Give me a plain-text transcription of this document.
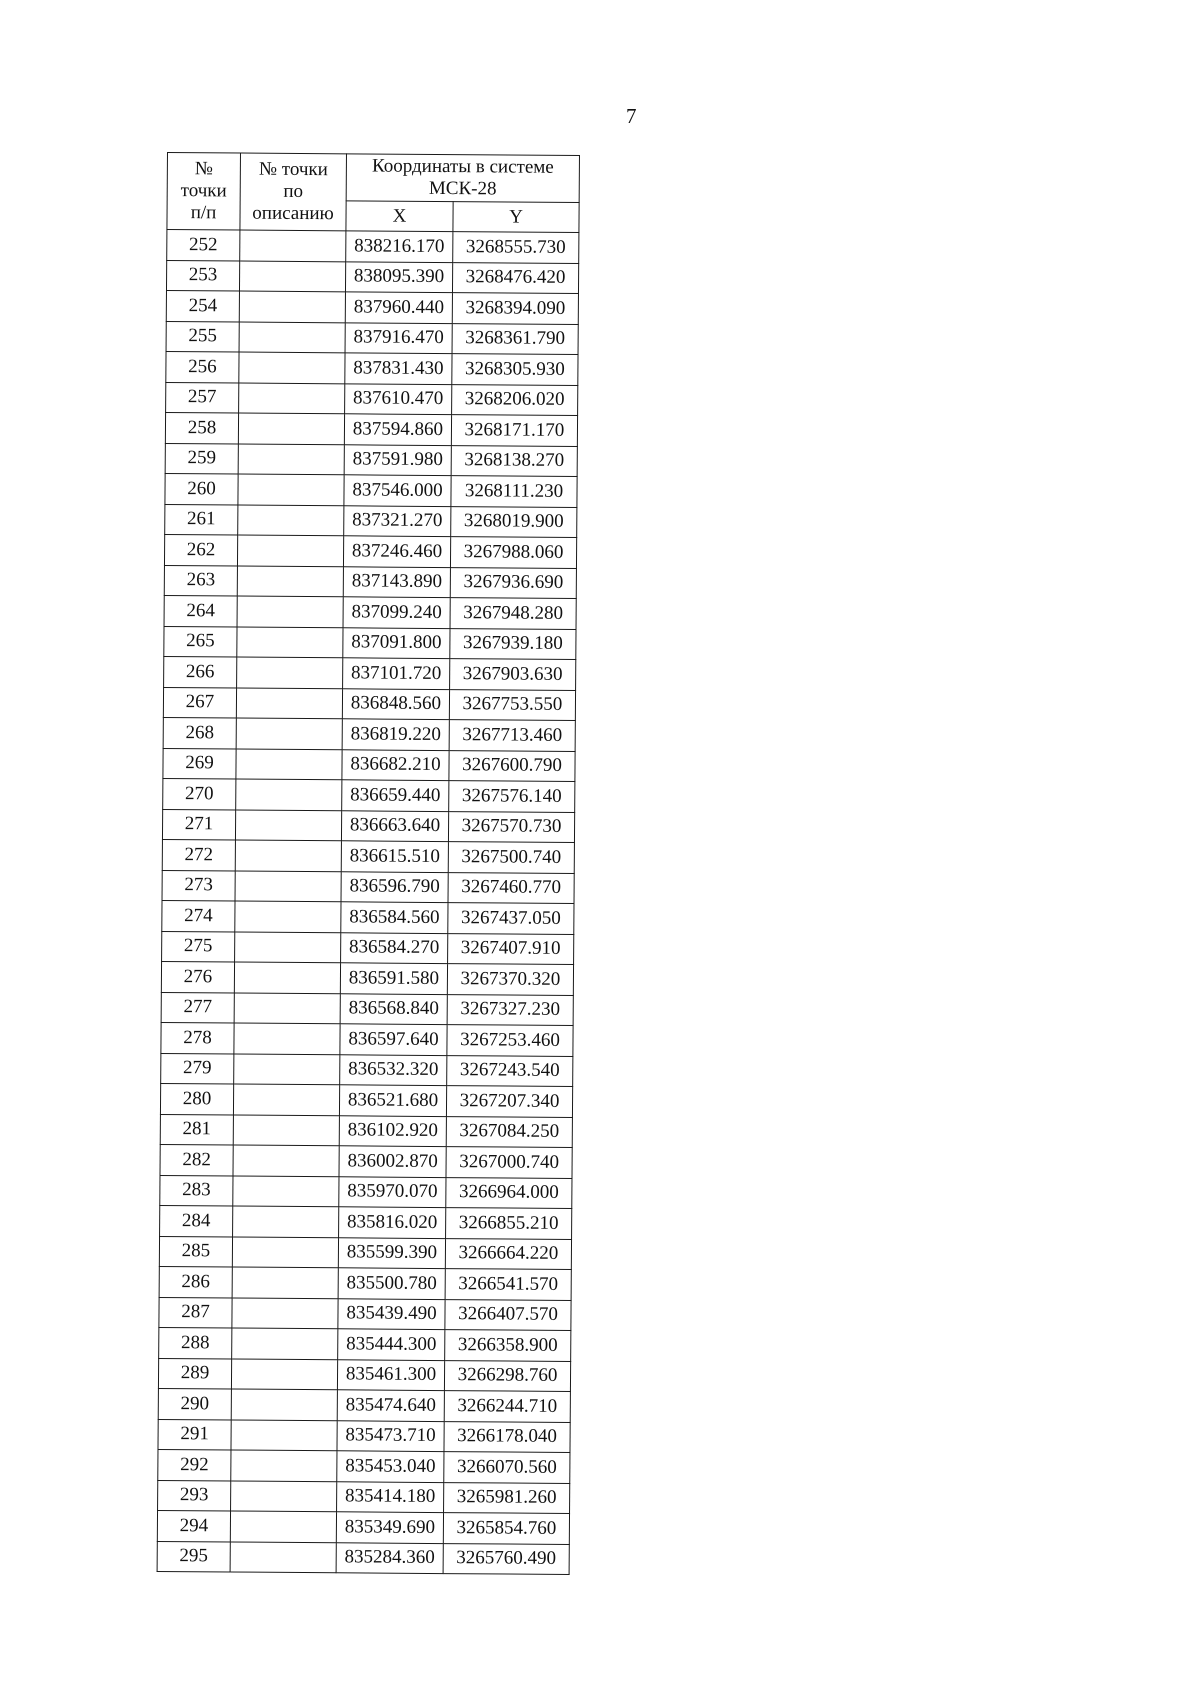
7
№
точки
п/п	№ точки
по
описанию	Координаты в системе
МСК-28	
		X	Y
252		838216.170	3268555.730
253		838095.390	3268476.420
254		837960.440	3268394.090
255		837916.470	3268361.790
256		837831.430	3268305.930
257		837610.470	3268206.020
258		837594.860	3268171.170
259		837591.980	3268138.270
260		837546.000	3268111.230
261		837321.270	3268019.900
262		837246.460	3267988.060
263		837143.890	3267936.690
264		837099.240	3267948.280
265		837091.800	3267939.180
266		837101.720	3267903.630
267		836848.560	3267753.550
268		836819.220	3267713.460
269		836682.210	3267600.790
270		836659.440	3267576.140
271		836663.640	3267570.730
272		836615.510	3267500.740
273		836596.790	3267460.770
274		836584.560	3267437.050
275		836584.270	3267407.910
276		836591.580	3267370.320
277		836568.840	3267327.230
278		836597.640	3267253.460
279		836532.320	3267243.540
280		836521.680	3267207.340
281		836102.920	3267084.250
282		836002.870	3267000.740
283		835970.070	3266964.000
284		835816.020	3266855.210
285		835599.390	3266664.220
286		835500.780	3266541.570
287		835439.490	3266407.570
288		835444.300	3266358.900
289		835461.300	3266298.760
290		835474.640	3266244.710
291		835473.710	3266178.040
292		835453.040	3266070.560
293		835414.180	3265981.260
294		835349.690	3265854.760
295		835284.360	3265760.490
